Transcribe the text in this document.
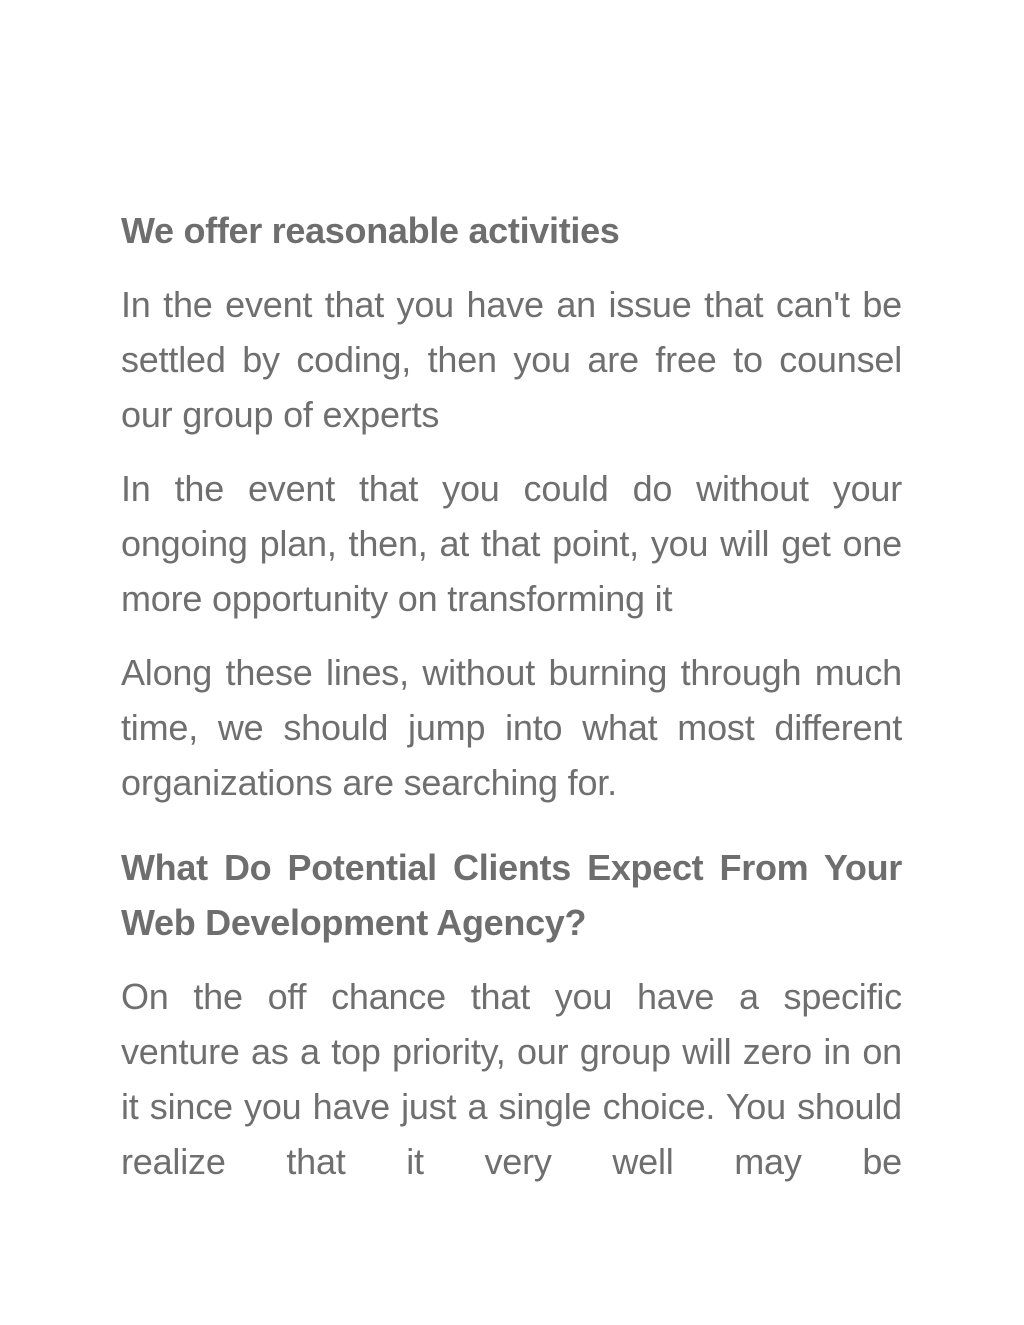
We offer reasonable activities

In the event that you have an issue that can't be settled by coding, then you are free to counsel our group of experts

In the event that you could do without your ongoing plan, then, at that point, you will get one more opportunity on transforming it

Along these lines, without burning through much time, we should jump into what most different organizations are searching for.

What Do Potential Clients Expect From Your Web Development Agency?

On the off chance that you have a specific venture as a top priority, our group will zero in on it since you have just a single choice. You should realize that it very well may be
